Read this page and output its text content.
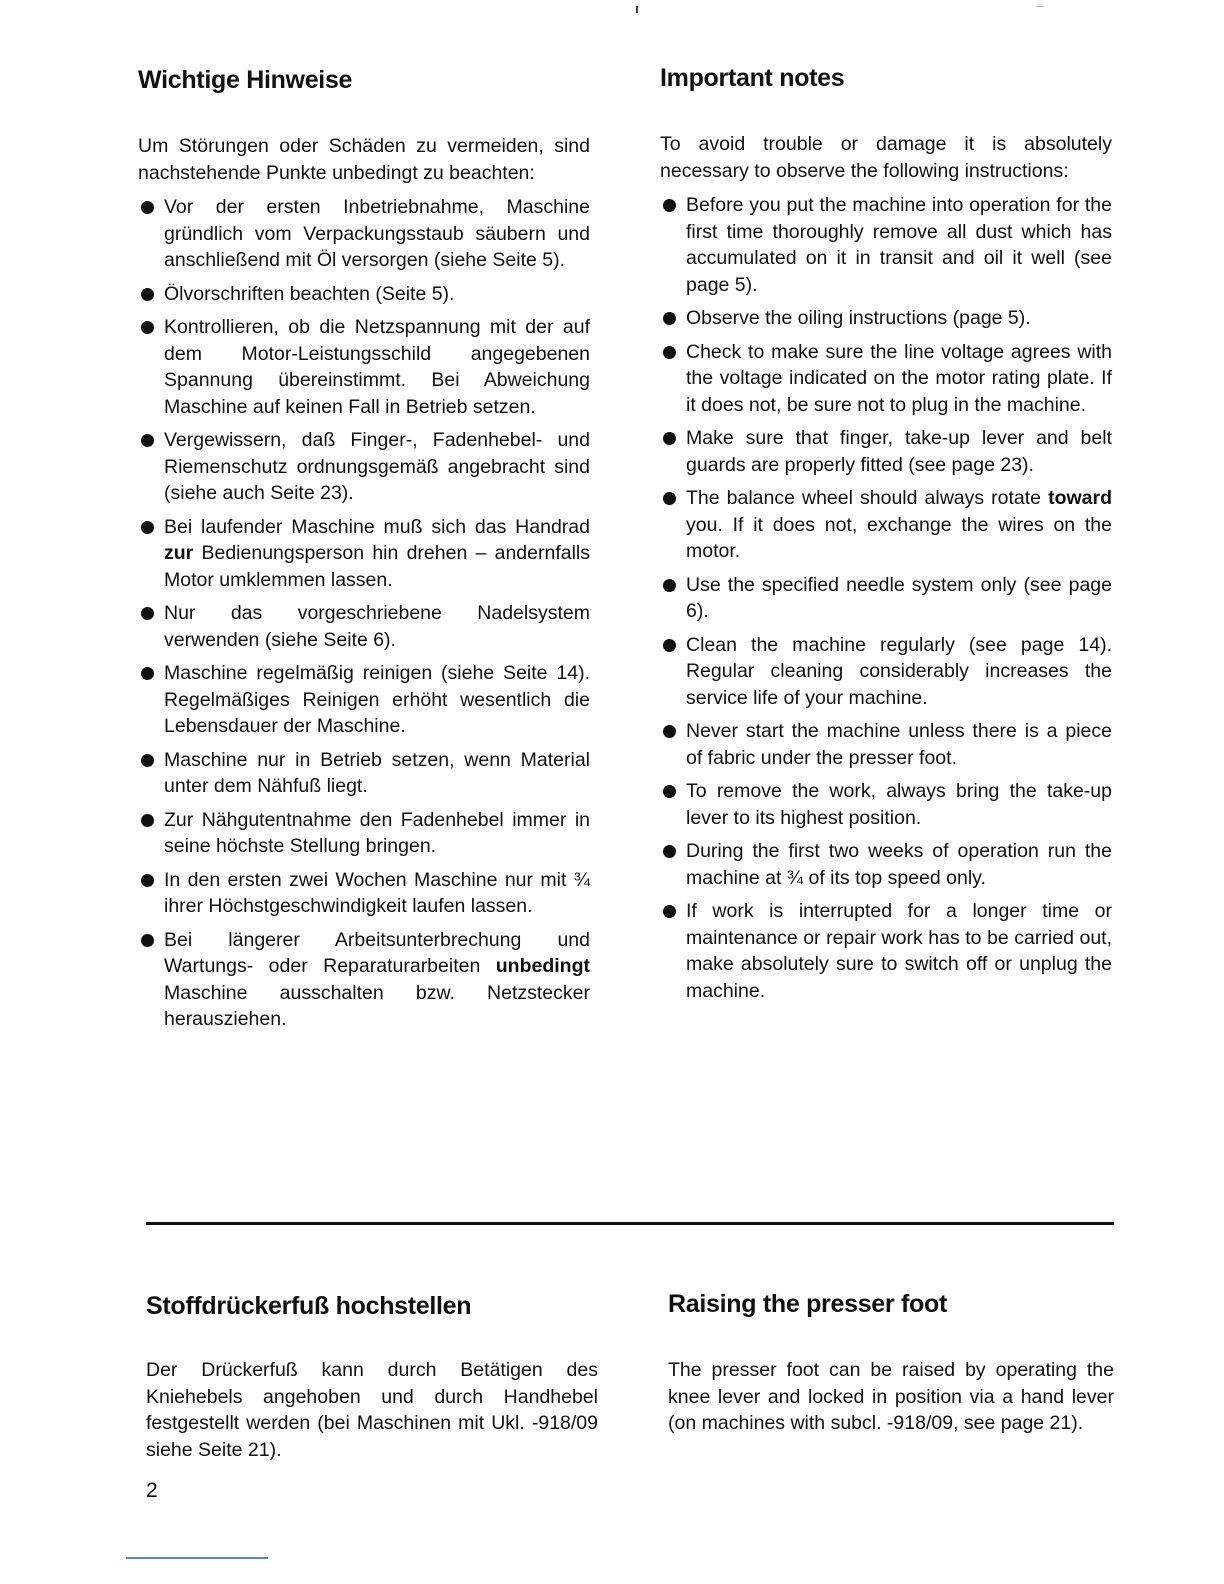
Wichtige Hinweise

Um Störungen oder Schäden zu vermeiden, sind nachstehende Punkte unbedingt zu beachten:

Vor der ersten Inbetriebnahme, Maschine gründlich vom Verpackungsstaub säubern und anschließend mit Öl versorgen (siehe Seite 5).
Ölvorschriften beachten (Seite 5).
Kontrollieren, ob die Netzspannung mit der auf dem Motor-Leistungsschild angegebenen Spannung übereinstimmt. Bei Abweichung Maschine auf keinen Fall in Betrieb setzen.
Vergewissern, daß Finger-, Fadenhebel- und Riemenschutz ordnungsgemäß angebracht sind (siehe auch Seite 23).
Bei laufender Maschine muß sich das Handrad zur Bedienungsperson hin drehen – andernfalls Motor umklemmen lassen.
Nur das vorgeschriebene Nadelsystem verwenden (siehe Seite 6).
Maschine regelmäßig reinigen (siehe Seite 14). Regelmäßiges Reinigen erhöht wesentlich die Lebensdauer der Maschine.
Maschine nur in Betrieb setzen, wenn Material unter dem Nähfuß liegt.
Zur Nähgutentnahme den Fadenhebel immer in seine höchste Stellung bringen.
In den ersten zwei Wochen Maschine nur mit ¾ ihrer Höchstgeschwindigkeit laufen lassen.
Bei längerer Arbeitsunterbrechung und Wartungs- oder Reparaturarbeiten unbedingt Maschine ausschalten bzw. Netzstecker herausziehen.
Important notes

To avoid trouble or damage it is absolutely necessary to observe the following instructions:

Before you put the machine into operation for the first time thoroughly remove all dust which has accumulated on it in transit and oil it well (see page 5).
Observe the oiling instructions (page 5).
Check to make sure the line voltage agrees with the voltage indicated on the motor rating plate. If it does not, be sure not to plug in the machine.
Make sure that finger, take-up lever and belt guards are properly fitted (see page 23).
The balance wheel should always rotate toward you. If it does not, exchange the wires on the motor.
Use the specified needle system only (see page 6).
Clean the machine regularly (see page 14). Regular cleaning considerably increases the service life of your machine.
Never start the machine unless there is a piece of fabric under the presser foot.
To remove the work, always bring the take-up lever to its highest position.
During the first two weeks of operation run the machine at ¾ of its top speed only.
If work is interrupted for a longer time or maintenance or repair work has to be carried out, make absolutely sure to switch off or unplug the machine.
Stoffdrückerfuß hochstellen

Der Drückerfuß kann durch Betätigen des Kniehebels angehoben und durch Handhebel festgestellt werden (bei Maschinen mit Ukl. -918/09 siehe Seite 21).

Raising the presser foot

The presser foot can be raised by operating the knee lever and locked in position via a hand lever (on machines with subcl. -918/09, see page 21).

2
